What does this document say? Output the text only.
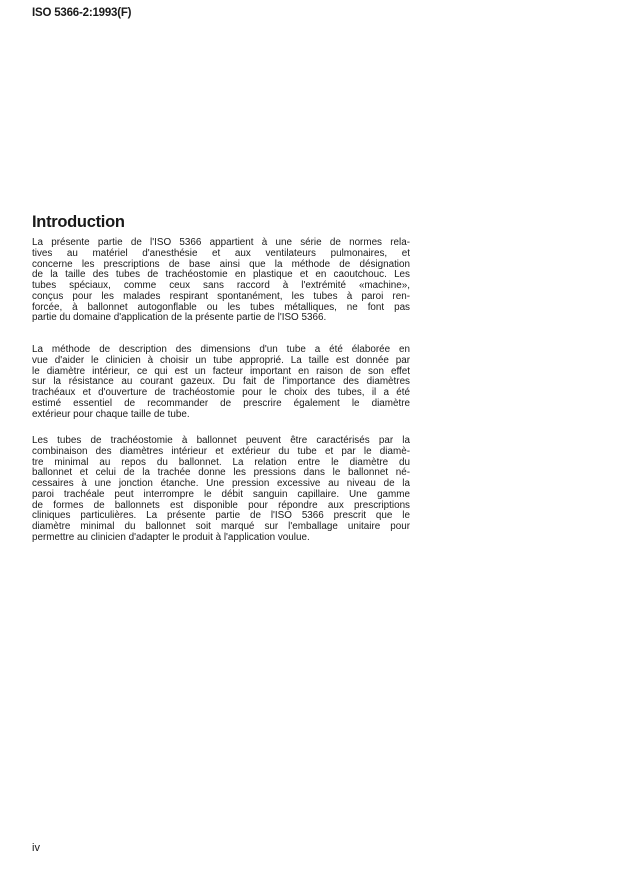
ISO 5366-2:1993(F)
Introduction
La présente partie de l'ISO 5366 appartient à une série de normes rela-
tives au matériel d'anesthésie et aux ventilateurs pulmonaires, et
concerne les prescriptions de base ainsi que la méthode de désignation
de la taille des tubes de trachéostomie en plastique et en caoutchouc. Les
tubes spéciaux, comme ceux sans raccord à l'extrémité «machine»,
conçus pour les malades respirant spontanément, les tubes à paroi ren-
forcée, à ballonnet autogonflable ou les tubes métalliques, ne font pas
partie du domaine d'application de la présente partie de l'ISO 5366.
La méthode de description des dimensions d'un tube a été élaborée en
vue d'aider le clinicien à choisir un tube approprié. La taille est donnée par
le diamètre intérieur, ce qui est un facteur important en raison de son effet
sur la résistance au courant gazeux. Du fait de l'importance des diamètres
trachéaux et d'ouverture de trachéostomie pour le choix des tubes, il a été
estimé essentiel de recommander de prescrire également le diamètre
extérieur pour chaque taille de tube.
Les tubes de trachéostomie à ballonnet peuvent être caractérisés par la
combinaison des diamètres intérieur et extérieur du tube et par le diamè-
tre minimal au repos du ballonnet. La relation entre le diamètre du
ballonnet et celui de la trachée donne les pressions dans le ballonnet né-
cessaires à une jonction étanche. Une pression excessive au niveau de la
paroi trachéale peut interrompre le débit sanguin capillaire. Une gamme
de formes de ballonnets est disponible pour répondre aux prescriptions
cliniques particulières. La présente partie de l'ISO 5366 prescrit que le
diamètre minimal du ballonnet soit marqué sur l'emballage unitaire pour
permettre au clinicien d'adapter le produit à l'application voulue.
iv
